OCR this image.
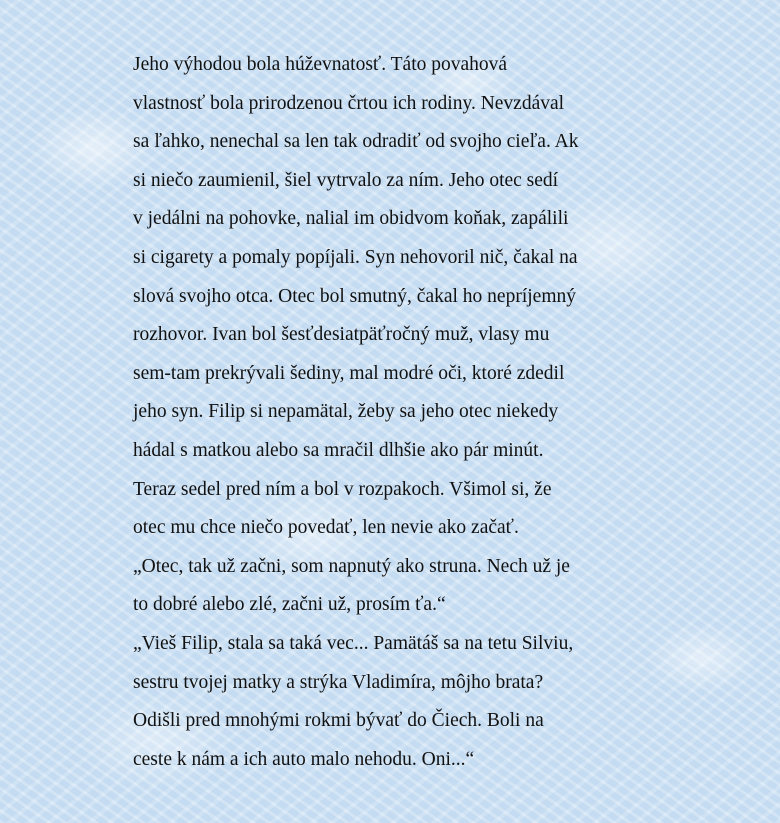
Jeho výhodou bola húževnatosť. Táto povahová
vlastnosť bola prirodzenou črtou ich rodiny. Nevzdával
sa ľahko, nenechal sa len tak odradiť od svojho cieľa. Ak
si niečo zaumienil, šiel vytrvalo za ním. Jeho otec sedí
v jedálni na pohovke, nalial im obidvom koňak, zapálili
si cigarety a pomaly popíjali. Syn nehovoril nič, čakal na
slová svojho otca. Otec bol smutný, čakal ho nepríjemný
rozhovor. Ivan bol šesťdesiatpäťročný muž, vlasy mu
sem-tam prekrývali šediny, mal modré oči, ktoré zdedil
jeho syn. Filip si nepamätal, žeby sa jeho otec niekedy
hádal s matkou alebo sa mračil dlhšie ako pár minút.
Teraz sedel pred ním a bol v rozpakoch. Všimol si, že
otec mu chce niečo povedať, len nevie ako začať.
„Otec, tak už začni, som napnutý ako struna. Nech už je
to dobré alebo zlé, začni už, prosím ťa.“
„Vieš Filip, stala sa taká vec... Pamätáš sa na tetu Silviu,
sestru tvojej matky a strýka Vladimíra, môjho brata?
Odišli pred mnohými rokmi bývať do Čiech. Boli na
ceste k nám a ich auto malo nehodu. Oni...“
